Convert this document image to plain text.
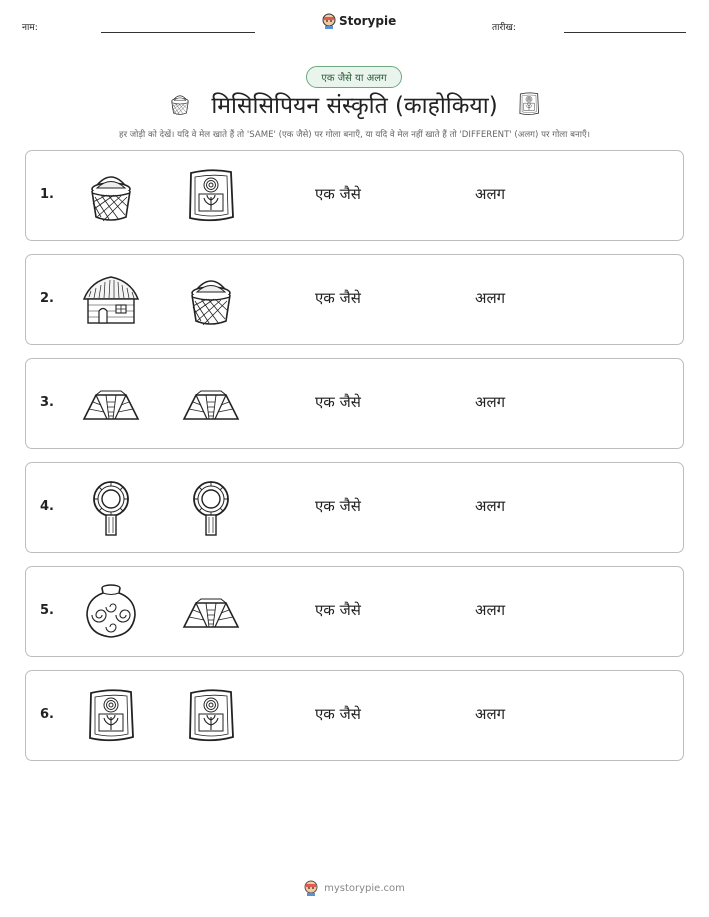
नाम:	Storypie	तारीख:
एक जैसे या अलग
मिसिसिपियन संस्कृति (काहोकिया)
हर जोड़ी को देखें। यदि वे मेल खाते हैं तो 'SAME' (एक जैसे) पर गोला बनाएँ, या यदि वे मेल नहीं खाते हैं तो 'DIFFERENT' (अलग) पर गोला बनाएँ।
1.	एक जैसे	अलग
2.	एक जैसे	अलग
3.	एक जैसे	अलग
4.	एक जैसे	अलग
5.	एक जैसे	अलग
6.	एक जैसे	अलग
mystorypie.com
